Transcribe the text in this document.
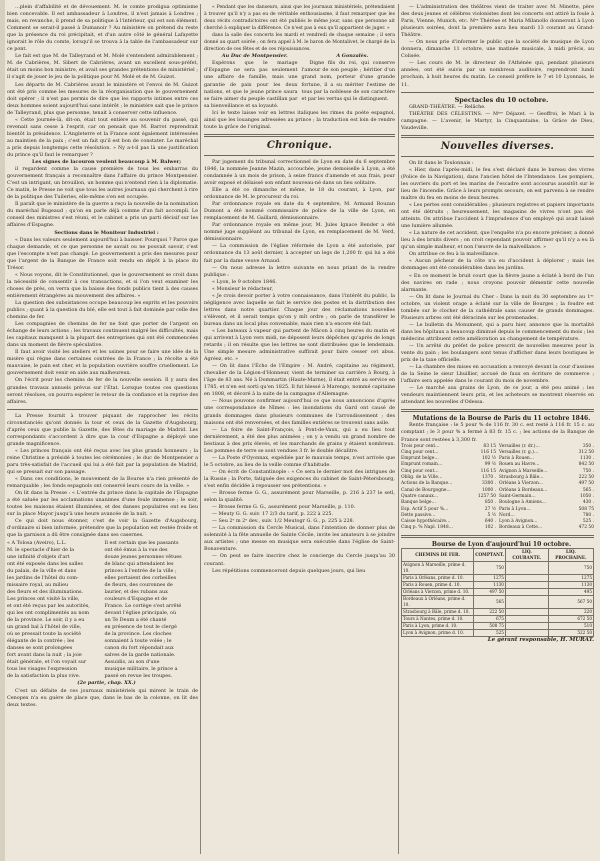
…plein d'affabilité et de dévouement. M. le comte prodigua optimisme bien concevable. Il est ambassadeur à Londres, il n'est jamais à Londres ; mais, en revanche, il prend de sa politique à l'intérieur, qui est son élément. Comment se serait-il passé à Dumanoir ? Au ministère on prétend du reste que la présence du roi précipitait, et d'un autre côté le général Lafayette ignorait le rôle du comte, lorsqu'il se trouva à la table de l'ambassadeur sur ce pont.

Le fait est que M. de Talleyrand et M. Molé s'entendent admirablement ; M. de Cabrières, M. Sibert de Cabrières, avant un excellent sous-préfet, était un moins bon ministre, et avait ses grandes prétentions de ministériel ; il s'agit de jouer le jeu de la politique pour M. Molé et de M. Guizot.

Les départs de M. Cabriéres avant le ministère et l'envoi de M. Guizot ont été pris comme les mesures de la réorganisation que le gouvernement doit opérer ; il n'est pas permis de dire que les rapports intimes entre ces deux hommes soient aujourd'hui sans intérêt ; le ministère sait que le prince de Talleyrand, plus que personne, tenait à conserver cette influence.

« Cette journée-là, dit-on, était tout entière au souvenir du passé, qui revenait sans cesse à l'esprit, car on pensait que M. Barrot reprendrait bientôt la présidence. L'Angleterre et la France sont également intéressées au maintien de la paix ; c'est un fait qu'il est bon de constater. Le maréchal a pris depuis longtemps cette résolution. » Ny a-t-il pas là une justification du prince qu'il faut le remarquer ?

Les signes de lacouron veulent beaucoup à M. Balwer;

il regardent comme la cause première de tous les embarras du gouvernement français a reconnaître dans l'affaire du prince Montpensier. C'est un intrigant, un brouillon, un homme qui n'entend rien à la diplomatie. Ce matin, le Presse ne voit que tous les autres journaux qui cherchent à rire de la politique des Tuileries, elle-même s'en est occupée.

Il paraît que le ministère de la guerre a reçu la nouvelle de la nomination du maréchal Bugeaud ; qu'on en parle déjà comme d'un fait accompli. Le conseil des ministres s'est réuni, et le cabinet a pris un parti décisif sur les affaires d'Espagne.

Sections dans le Moniteur Industriel :

« Dans les valeurs seulement aujourd'hui à baisser. Pourquoi ? Parce que chaque demande, et ce que personne ne savait ou ne pouvait savoir, c'est que l'escompte n'est pas changé. Le gouvernement a pris des mesures pour que l'argent de la Banque de France soit rendu en dépôt à la place du Trésor.

« Nous voyons, dit le Constitutionnel, que le gouvernement se croit dans la nécessité de consentir à ces transactions, et si l'on veut examiner les choses de près, on verra que la baisse des fonds publics tient à des causes entièrement étrangères au mouvement des affaires. »

La question des subsistances occupe beaucoup les esprits et les pouvoirs publics ; quant à la question du blé, elle est tout à fait dominée par celle des chemins de fer.

Les compagnies de chemins de fer ne font que porter de l'argent en échange de leurs actions ; les travaux continuent malgré les difficultés, mais les capitaux manquent à la plupart des entreprises qui ont été commencées dans un moment de fièvre spéculative.

Il faut avoir visité les ateliers et les usines pour se faire une idée de la misère qui règne dans certaines contrées de la France ; la récolte a été mauvaise, le pain est cher, et la population ouvrière souffre cruellement. Le gouvernement doit venir en aide aux malheureux.

On l'écrit pour les chemins de fer de la nouvelle session. Il y aura des grandes travaux annuels prévus sur l'État. Lorsque toutes ces questions seront résolues, on pourra espérer le retour de la confiance et la reprise des affaires.

La Presse fournit à trouver piquant de rapprocher les récits circonstanciés qu'ont donnés la tour et ceux de la Gazette d'Augsbourg, d'après ceux que publie la Gazette, des fêtes du mariage de Madrid. Les correspondants s'accordent à dire que la cour d'Espagne a déployé une grande magnificence.

« Les princes français ont été reçus avec les plus grands honneurs ; la reine Christine a présidé à toutes les cérémonies ; le duc de Montpensier a paru très-satisfait de l'accueil qui lui a été fait par la population de Madrid, qui se pressait sur son passage.

« Dans ces conditions, le mouvement de la Bourse n'a rien présenté de remarquable ; les fonds espagnols ont conservé leurs cours de la veille. »

On lit dans la Presse : « L'entrée du prince dans la capitale de l'Espagne a été saluée par les acclamations unanimes d'une foule immense ; le soir, toutes les maisons étaient illuminées, et des danses populaires ont eu lieu sur la place Mayor jusqu'à une heure avancée de la nuit. »

Ce qui doit nous étonner, c'est de voir la Gazette d'Augsbourg, d'ordinaire si bien informée, prétendre que la population est restée froide et que la garnison a dû être consignée dans ses casernes.

« A Tolosa (Aveiro), L.L.
M. le spectacle d'hier de la
une infinité d'objets d'art
ont été exposés dans les salles
du palais, de la ville et dans
les jardins de l'hôtel du com-
missaire royal, au milieu
des fleurs et des illuminations.
Les princes ont visité la ville,
et ont été reçus par les autorités,
qui les ont complimentés au nom
de la province. Le soir, il y a eu
un grand bal à l'hôtel de ville,
où se pressait toute la société
élégante de la contrée ; les
danses se sont prolongées
fort avant dans la nuit ; la joie
était générale, et l'on voyait sur
tous les visages l'expression
de la satisfaction la plus vive.
Il est certain que les passants
ont été émus à la vue des
douze jeunes personnes vêtues
de blanc qui attendaient les
princes à l'entrée de la ville ;
elles portaient des corbeilles
de fleurs, des couronnes de
laurier, et des rubans aux
couleurs d'Espagne et de
France. Le cortège s'est arrêté
devant l'église principale, où
un Te Deum a été chanté
en présence de tout le clergé
de la province. Les cloches
sonnaient à toute volée ; le
canon du fort répondait aux
salves de la garde nationale.
Assuidis, au son d'une
musique militaire, le prince a
passé en revue les troupes.

(2e partie, chap. XX.)

C'est un défaite de ces journaux ministériels qui mirent le train de Cenopex n'a eu guère de place que, dans le bas de la colonne, on lit des deux textes.

« Pendant que les danseurs, ainsi que les journaux ministériels, prétendaient à trouver qu'il n'y a pas eu de véritable enthousiasme, il faut remarquer que les deux récits contradictoires ont été publiés le même jour, sans que personne ait cherché à expliquer la différence. Ce n'est pas à eux qu'il appartient de juger. »

dans la salle des concerts les mardi et vendredi de chaque semaine ; il sera donné au quart soirée ; on fera appel à M. le baron de Montalivet, le chargé de la direction de ces fêtes et de ces réjouissances.

Au Duc de Montpensier.

Espérons que le mariage d'Espagne ne sera pas seulement une affaire de famille, mais une garantie de paix pour les deux nations, et que le jeune prince saura se faire aimer du peuple castillan par sa bienveillance et sa loyauté.

A Gonzalès.

Digne fils du roi, qui conserve l'amour de son peuple ; héritier d'un grand nom, porteur d'une grande fortune, il a su mériter l'estime de tous par la noblesse de son caractère et par les vertus qui le distinguent.

Ici le texte laisse voir en lettres italiques les rimes du poète espagnol, ainsi que les louanges adressées au prince ; la traduction est loin de rendre toute la grâce de l'original.

Chronique.

Par jugement du tribunal correctionnel de Lyon en date du 6 septembre 1846, la nommée Jeanne Mazin, accouchée, jeune demoiselle à Lyon, a été condamnée à un mois de prison, à seize francs d'amende et aux frais, pour avoir exposé et délaissé son enfant nouveau-né dans un lieu solitaire.

Elle a été ce dimanche et même, le 18 du courant, à Lyon, par ordonnance de M. le procureur du roi.

Par ordonnance royale en date du 4 septembre, M. Armand Rouzan Dumont a été nommé commissaire de police de la ville de Lyon, en remplacement de M. Gaillard, démissionnaire.

Par ordonnance royale en même jour, M. Jules Ignace Bender a été nommé juge suppléant au tribunal de Lyon, en remplacement de M. Verd, démissionnaire.

— La commission de l'église réformée de Lyon a été autorisée, par ordonnance du 13 août dernier, à accepter un legs de 1,200 fr. qui lui a été fait par la dame veuve Arnaud.

— On nous adresse la lettre suivante en nous priant de la rendre publique :

« Lyon, le 9 octobre 1846.

« Monsieur le rédacteur,

« Je crois devoir porter à votre connaissance, dans l'intérêt du public, la négligence avec laquelle se fait le service des postes et la distribution des lettres dans notre quartier. Chaque jour des réclamations nouvelles s'élèvent, et il serait temps qu'on y mît ordre ; on parle de transférer le bureau dans un local plus convenable, mais rien n'a encore été fait.

« Les bateaux à vapeur qui partent de Mâcon à cinq heures du matin et qui arrivent à Lyon vers midi, ne déposent leurs dépêches qu'après de longs retards ; il en résulte que les lettres ne sont distribuées que le lendemain. Une simple mesure administrative suffirait pour faire cesser cet abus. Agréez, etc. »

— On lit dans l'Écho de l'Empire : M. André, capitaine au régiment, chevalier de la Légion-d'Honneur, vient de terminer sa carrière à Bourg, à l'âge de 83 ans. Né à Dommartin (Haute-Marne), il était entré au service en 1785, et n'en est sorti qu'en 1825. Il fut blessé à Marengo, nommé capitaine en 1808, et décoré à la suite de la campagne d'Allemagne.

— Nous pouvons confirmer aujourd'hui ce que nous annoncions d'après une correspondance de Nîmes : les inondations du Gard ont causé de grands dommages dans plusieurs communes de l'arrondissement ; des maisons ont été renversées, et des familles entières se trouvent sans asile.

— La foire de Saint-François, à Pont-de-Vaux, qui a eu lieu tout dernièrement, a été des plus animées ; on y a vendu un grand nombre de bestiaux à des prix élevés, et les marchands de grains y étaient nombreux. Les pommes de terre se sont vendues 3 fr. le double décalitre.

— La Poste d'Oyonnax, expédiée par le mauvais temps, n'est arrivée que le 5 octobre, au lieu de la veille comme d'habitude.

— On écrit de Constantinople : « Ce sera le dernier mot des intrigues de la Russie ; la Porte, fatiguée des exigences du cabinet de Saint-Pétersbourg, s'est enfin décidée à repousser ses prétentions. »

— Brosse ferme G. G., assurément pour Marseille, p. 216 à 237 le setl, selon la qualité.

— Brosse ferme G. G., assurément pour Marseille, p. 110.

— Meuty G. G. suiv. 17 2/3 du tarif, p. 222 à 225.

— Seu 2ᵉ m 2ᵉ dev., suiv. 1/2 Meutogr G. G., p. 225 à 228.

— La commission du Cercle Musical, dans l'intention de donner plus de solennité à la fête annuelle de Sainte Cécile, invite les amateurs à se joindre aux artistes ; une messe en musique sera exécutée dans l'église de Saint-Bonaventure.

— On peut se faire inscrire chez le concierge du Cercle jusqu'au 30 courant.

Les répétitions commenceront depuis quelques jours, qui lieu

— L'administration des théâtres vient de traiter avec M. Minette, père des deux jeunes et célèbres violonistes dont les concerts ont attiré la foule à Paris, Vienne, Munich, etc. Mᵉˢ Thérèse et Maria Milanollo donneront à Lyon plusieurs soirées, dont la première aura lieu mardi 13 courant au Grand-Théâtre.

— On nous prie d'informer le public que la société de musique de Lyon donnera, dimanche 11 octobre, une matinée musicale, à midi précis, au Colisée.

— Les cours de M. le directeur de l'Athénée qui, pendant plusieurs années, ont été suivis par un nombreux auditoire, reprendront lundi prochain, à huit heures du matin. Le conseil préfère le 7 et 10 Lyonnais, le 11.

Spectacles du 10 octobre.

GRAND-THÉÂTRE. — Relâche.

THÉÂTRE DES CÉLESTINS. — Mᵐᵉ Déjazet. — Geoffroi, le Mari à la campagne. — L'avenir, le Martyr, la Cinquantaine, la Grâce de Dieu, Vaudeville.

Nouvelles diverses.

On lit dans le Toulonnais :

« Hier, dans l'après-midi, le feu s'est déclaré dans le bureau des vivres (Police de la Navigation), dans l'ancien hôtel de l'Intendance. Les pompiers, les ouvriers du port et les marins de l'escadre sont accourus aussitôt sur le lieu de l'incendie. Grâce à leurs prompts secours, on est parvenu à se rendre maître du feu en moins de deux heures.

« Les pertes sont considérables ; plusieurs registres et papiers importants ont été détruits ; heureusement, les magasins de vivres n'ont pas été atteints. On attribue l'accident à l'imprudence d'un employé qui avait laissé une lumière allumée.

« La nature de cet accident, que l'enquête n'a pu encore préciser, a donné lieu à des bruits divers ; on croit cependant pouvoir affirmer qu'il n'y a eu là qu'un simple malheur, et non l'œuvre de la malveillance. »

On attribue ce feu à la malveillance.

« Aucun pêcheur de la côte n'a eu d'accident à déplorer ; mais les dommages ont été considérables dans les jardins.

« En ce moment le bruit court que la fièvre jaune a éclaté à bord de l'un des navires en rade ; nous croyons pouvoir démentir cette nouvelle alarmante.

— On lit dans le Journal du Cher : Dans la nuit du 30 septembre au 1ᵉʳ octobre, un violent orage a éclaté sur la ville de Bourges ; la foudre est tombée sur le clocher de la cathédrale sans causer de grands dommages. Plusieurs arbres ont été déracinés sur les promenades.

— Le bulletin du Monument, qui a paru hier, annonce que la mortalité dans les hôpitaux a beaucoup diminué depuis le commencement du mois ; les médecins attribuent cette amélioration au changement de température.

— Un arrêté du préfet de police prescrit de nouvelles mesures pour la vente du pain ; les boulangers sont tenus d'afficher dans leurs boutiques le prix de la taxe officielle.

— La chambre des mises en accusation a renvoyé devant la cour d'assises de la Seine le sieur Lhuillier, accusé de faux en écriture de commerce ; l'affaire sera appelée dans le courant du mois de novembre.

— Le marché aux grains de Lyon, de ce jour, a été peu animé ; les vendeurs maintiennent leurs prix, et les acheteurs se montrent réservés en attendant les nouvelles d'Odessa.

Mutations de la Bourse de Paris du 11 octobre 1846.

Rente française : le 5 pour % de 116 fr. 30 c. est resté à 116 fr. 15 c. au comptant ; le 3 pour % a fermé à 83 fr. 15 c. ; les actions de la Banque de France sont restées à 3,300 fr.

Trois pour cent…	83 15
Cinq pour cent…	116 15
Emprunt belge…	102 ½
Emprunt romain…	99 ½
Cinq pour cent…	116 15
Oblig. de la Ville…	1370 .
Actions de la Banque…	3300 .
Canal de Bourgogne…	1000 .
Quatre canaux…	1257 50
Banque belge…	850 .
Esp. Actif 5 pour %…	27 ½
Dette passive…	5 ½
Caisse hypothécaire…	640 .
Cinq p. % Napl. 1848…	102 .
Versailles (r. dr.)…	350 .
Versailles (r. g.)…	312 50
Paris à Rouen…	1130 .
Rouen au Havre…	842 50
Avignon à Marseille…	750 .
Strasbourg à Bâle…	222 50
Orléans à Vierzon…	497 50
Orléans à Bordeaux…	565 .
Saint-Germain…	1050 .
Boulogne à Amiens…	430 .
Paris à Lyon…	508 75
Nord…	780 .
Lyon à Avignon…	525 .
Bordeaux à Cette…	472 50

Bourse de Lyon d'aujourd'hui 10 octobre.

CHEMINS DE FER.	COMPTANT.	LIQ. COURANTE.	LIQ. PROCHAINE.
Avignon à Marseille, prime d. 10.	750		750
Paris à Orléans, prime d. 10.	1275		1275
Paris à Rouen, prime d. 10.	1130		1130
Orléans à Vierzon, prime d. 10.	497 50		495
Bordeaux à Orléans, prime d. 10.	565		567 50
Strasbourg à Bâle, prime d. 10.	222 50		220
Tours à Nantes, prime d. 10.	675		672 50
Paris à Lyon, prime d. 10.	508 75		510
Lyon à Avignon, prime d. 10.	525		522 50

Le gérant responsable, H. MURAT.
